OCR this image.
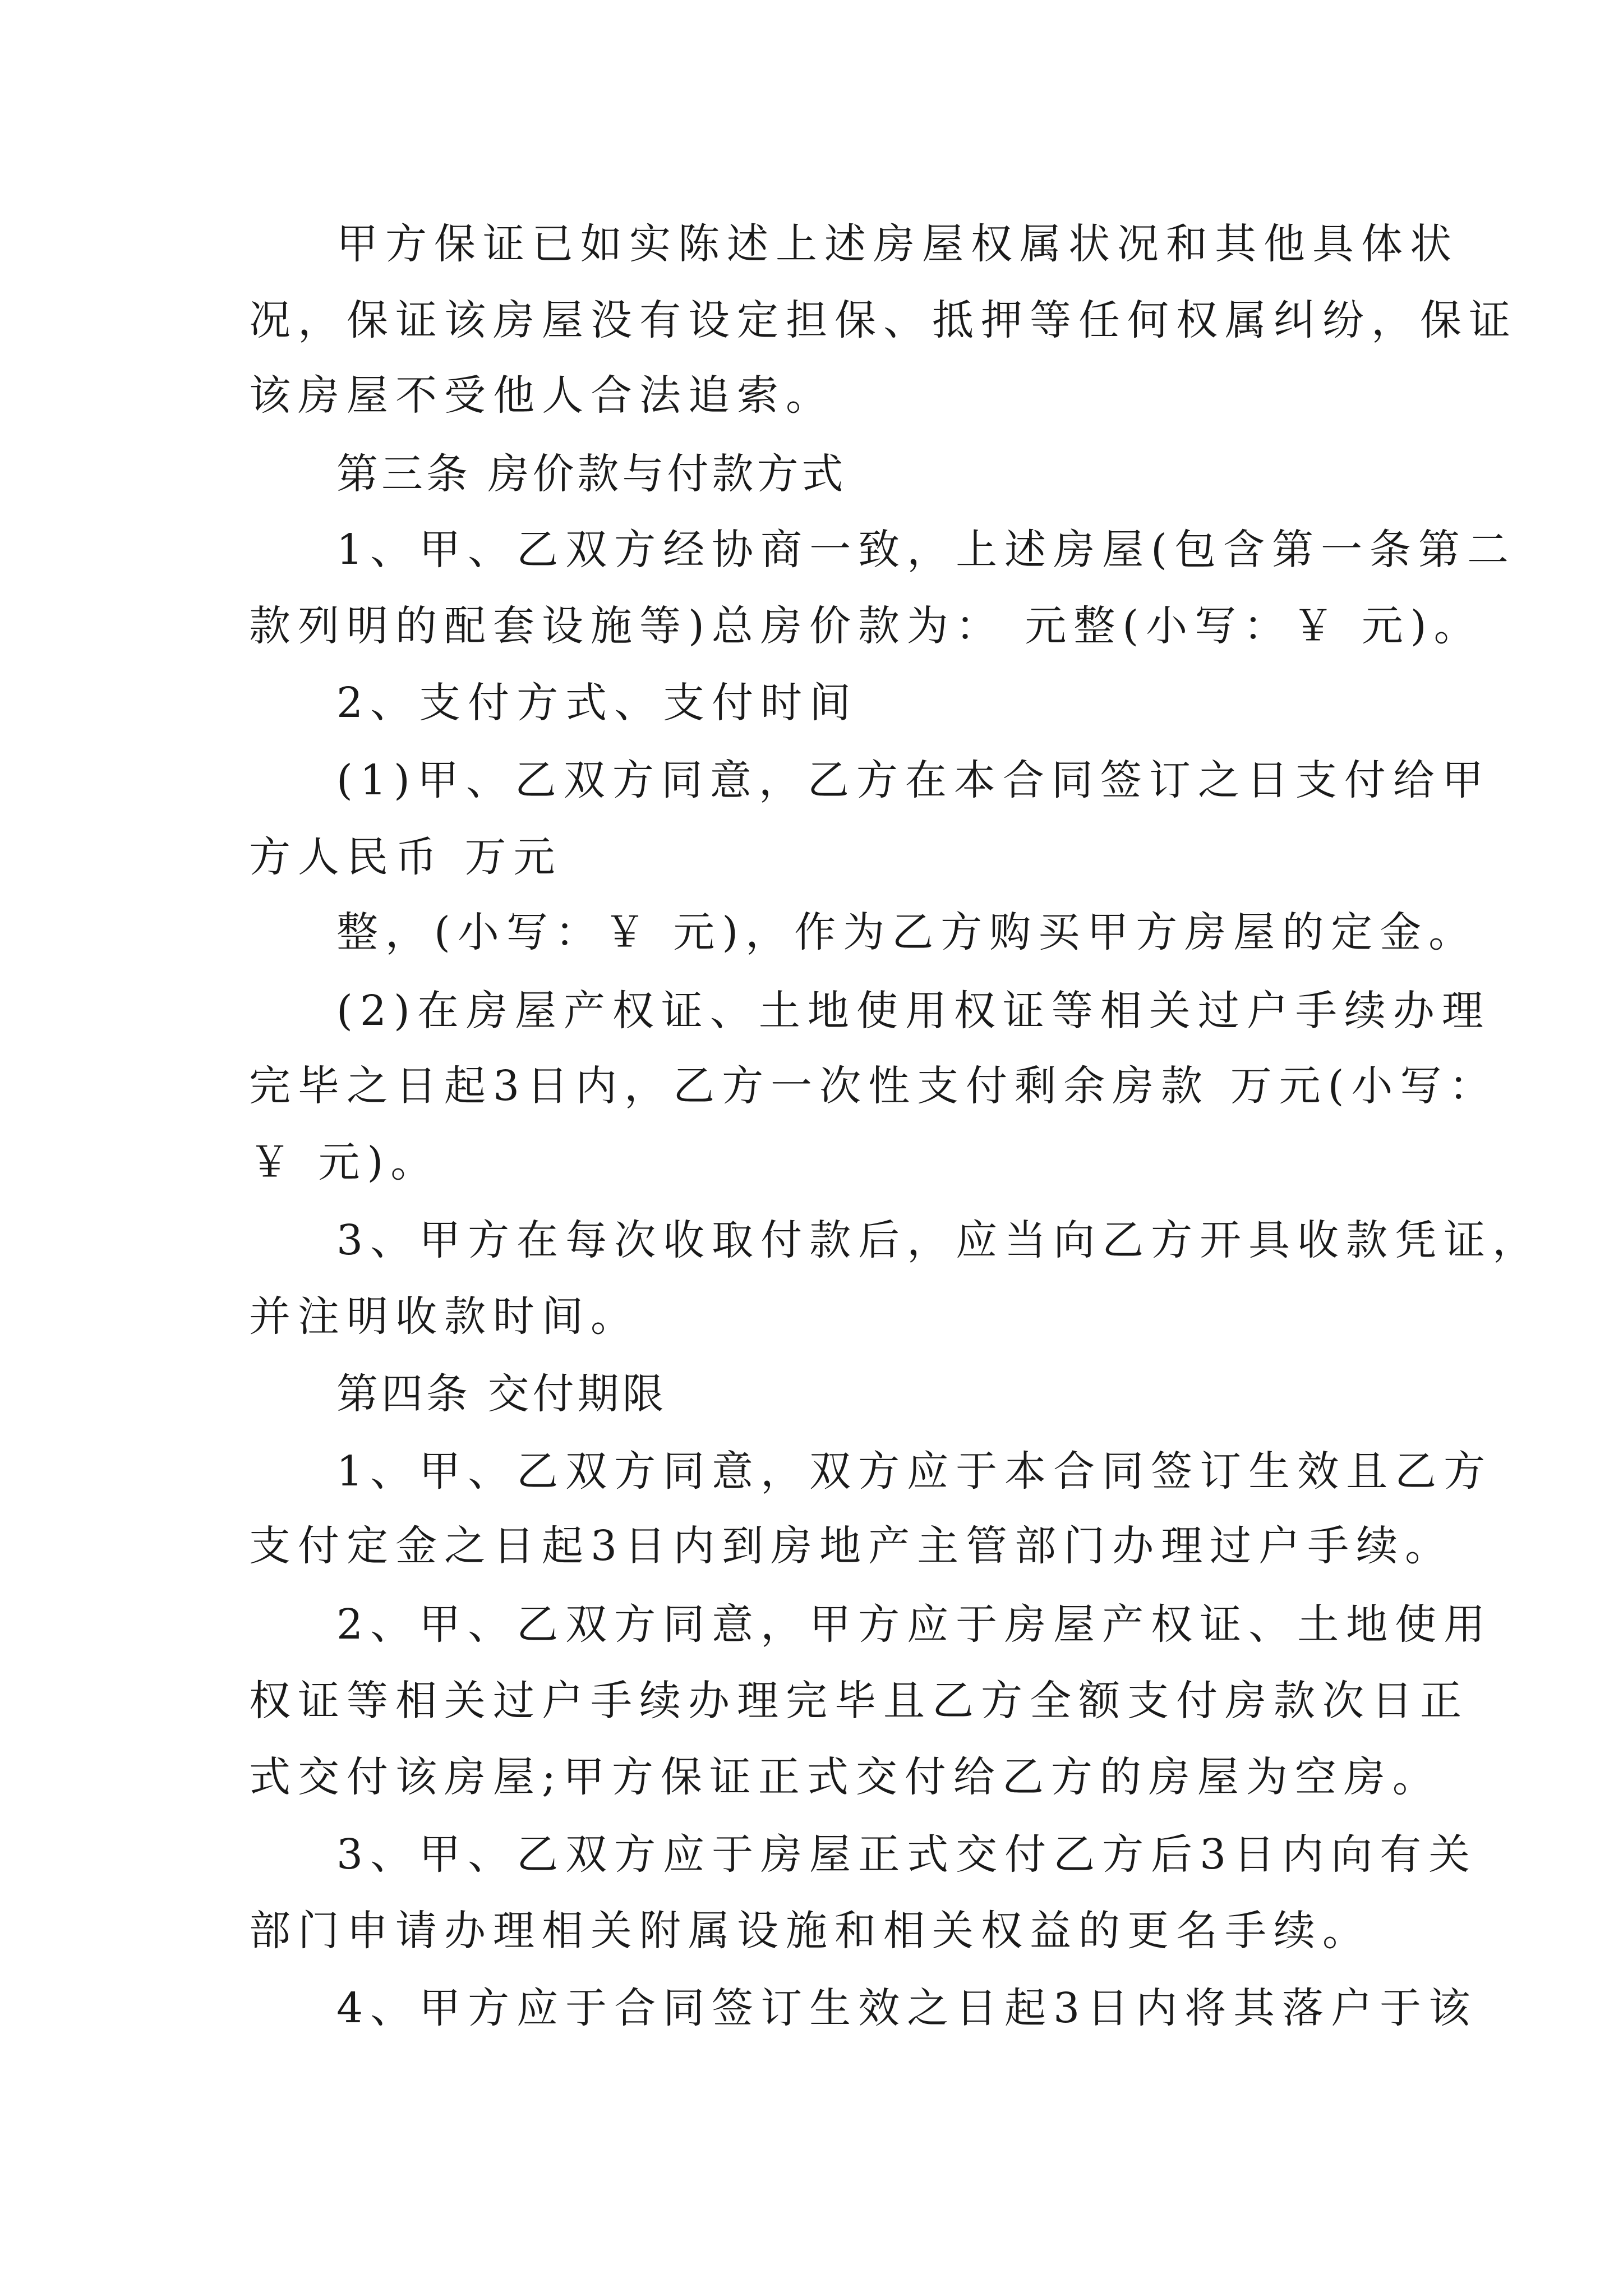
甲方保证已如实陈述上述房屋权属状况和其他具体状

况，保证该房屋没有设定担保、抵押等任何权属纠纷，保证

该房屋不受他人合法追索。

第三条 房价款与付款方式

1、甲、乙双方经协商一致，上述房屋(包含第一条第二

款列明的配套设施等)总房价款为： 元整(小写：￥ 元)。

2、支付方式、支付时间

(1)甲、乙双方同意，乙方在本合同签订之日支付给甲

方人民币 万元

整，(小写：￥ 元)，作为乙方购买甲方房屋的定金。

(2)在房屋产权证、土地使用权证等相关过户手续办理

完毕之日起3日内，乙方一次性支付剩余房款 万元(小写：

￥ 元)。

3、甲方在每次收取付款后，应当向乙方开具收款凭证，

并注明收款时间。

第四条 交付期限

1、甲、乙双方同意，双方应于本合同签订生效且乙方

支付定金之日起3日内到房地产主管部门办理过户手续。

2、甲、乙双方同意，甲方应于房屋产权证、土地使用

权证等相关过户手续办理完毕且乙方全额支付房款次日正

式交付该房屋;甲方保证正式交付给乙方的房屋为空房。

3、甲、乙双方应于房屋正式交付乙方后3日内向有关

部门申请办理相关附属设施和相关权益的更名手续。

4、甲方应于合同签订生效之日起3日内将其落户于该
